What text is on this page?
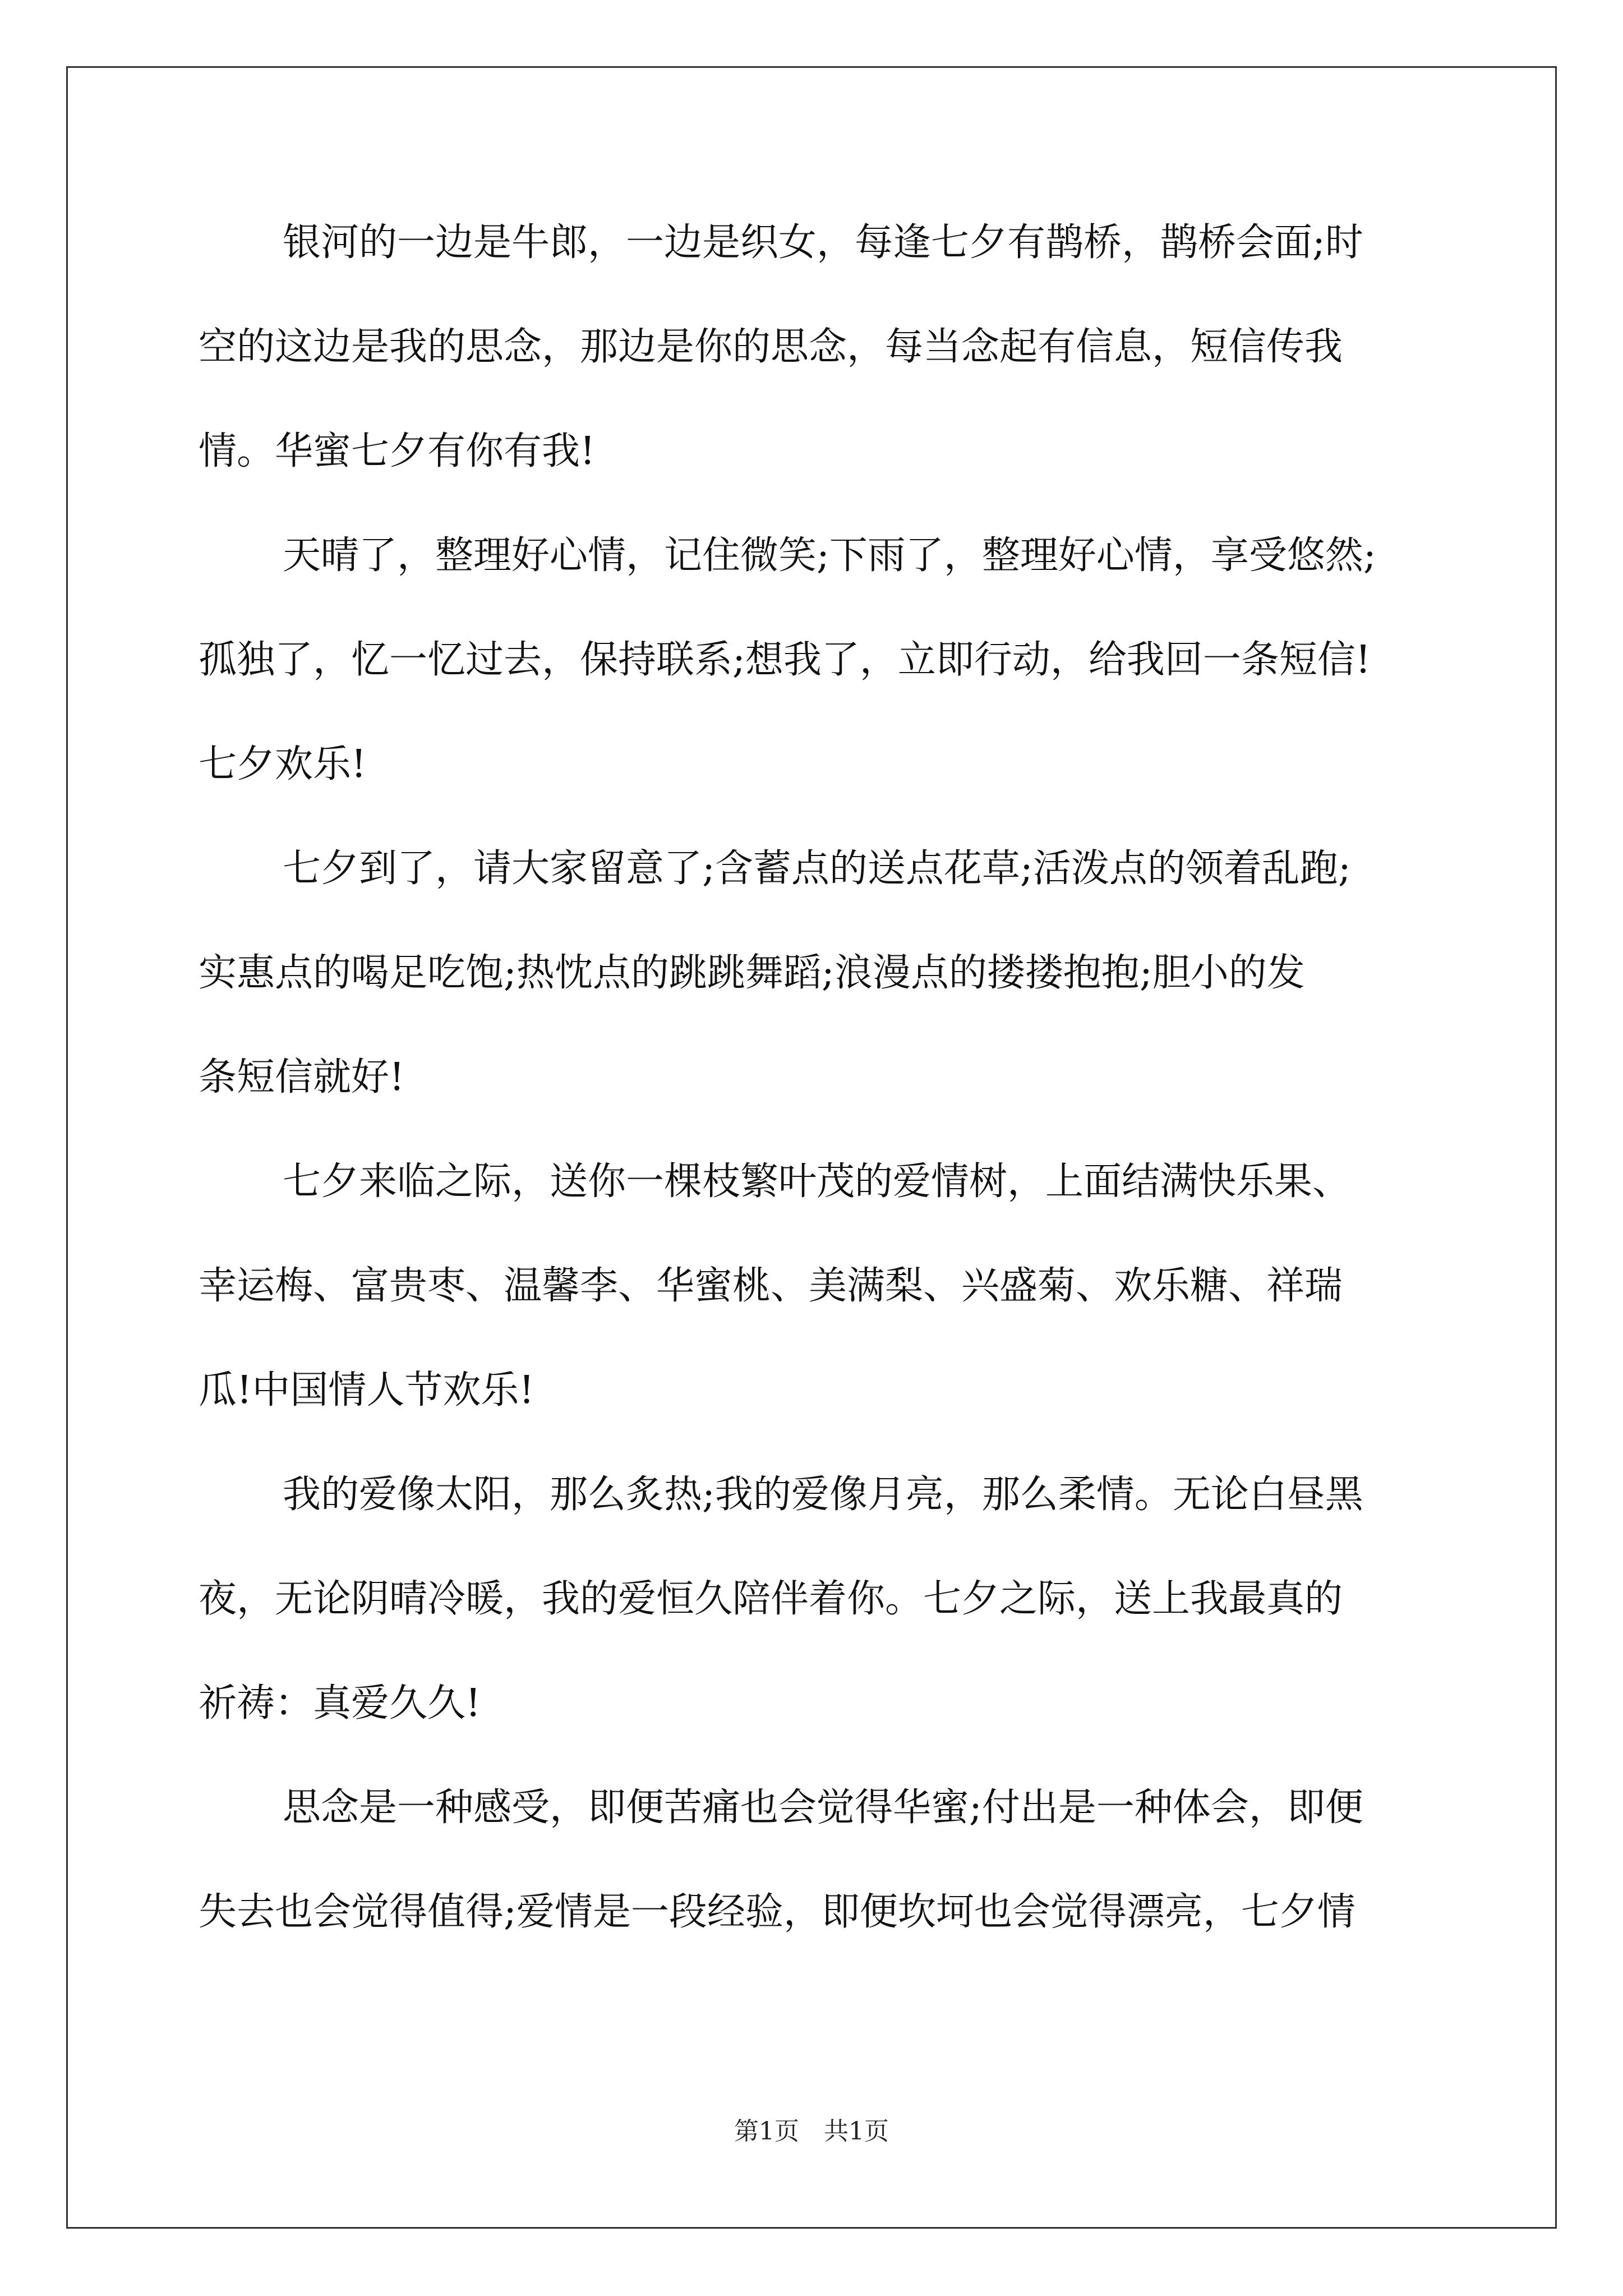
银河的一边是牛郎，一边是织女，每逢七夕有鹊桥，鹊桥会面;时
空的这边是我的思念，那边是你的思念，每当念起有信息，短信传我
情。华蜜七夕有你有我!
天晴了，整理好心情，记住微笑;下雨了，整理好心情，享受悠然;
孤独了，忆一忆过去，保持联系;想我了，立即行动，给我回一条短信!
七夕欢乐!
七夕到了，请大家留意了;含蓄点的送点花草;活泼点的领着乱跑;
实惠点的喝足吃饱;热忱点的跳跳舞蹈;浪漫点的搂搂抱抱;胆小的发
条短信就好!
七夕来临之际，送你一棵枝繁叶茂的爱情树，上面结满快乐果、
幸运梅、富贵枣、温馨李、华蜜桃、美满梨、兴盛菊、欢乐糖、祥瑞
瓜!中国情人节欢乐!
我的爱像太阳，那么炙热;我的爱像月亮，那么柔情。无论白昼黑
夜，无论阴晴冷暖，我的爱恒久陪伴着你。七夕之际，送上我最真的
祈祷：真爱久久!
思念是一种感受，即便苦痛也会觉得华蜜;付出是一种体会，即便
失去也会觉得值得;爱情是一段经验，即便坎坷也会觉得漂亮，七夕情
第1页　共1页
